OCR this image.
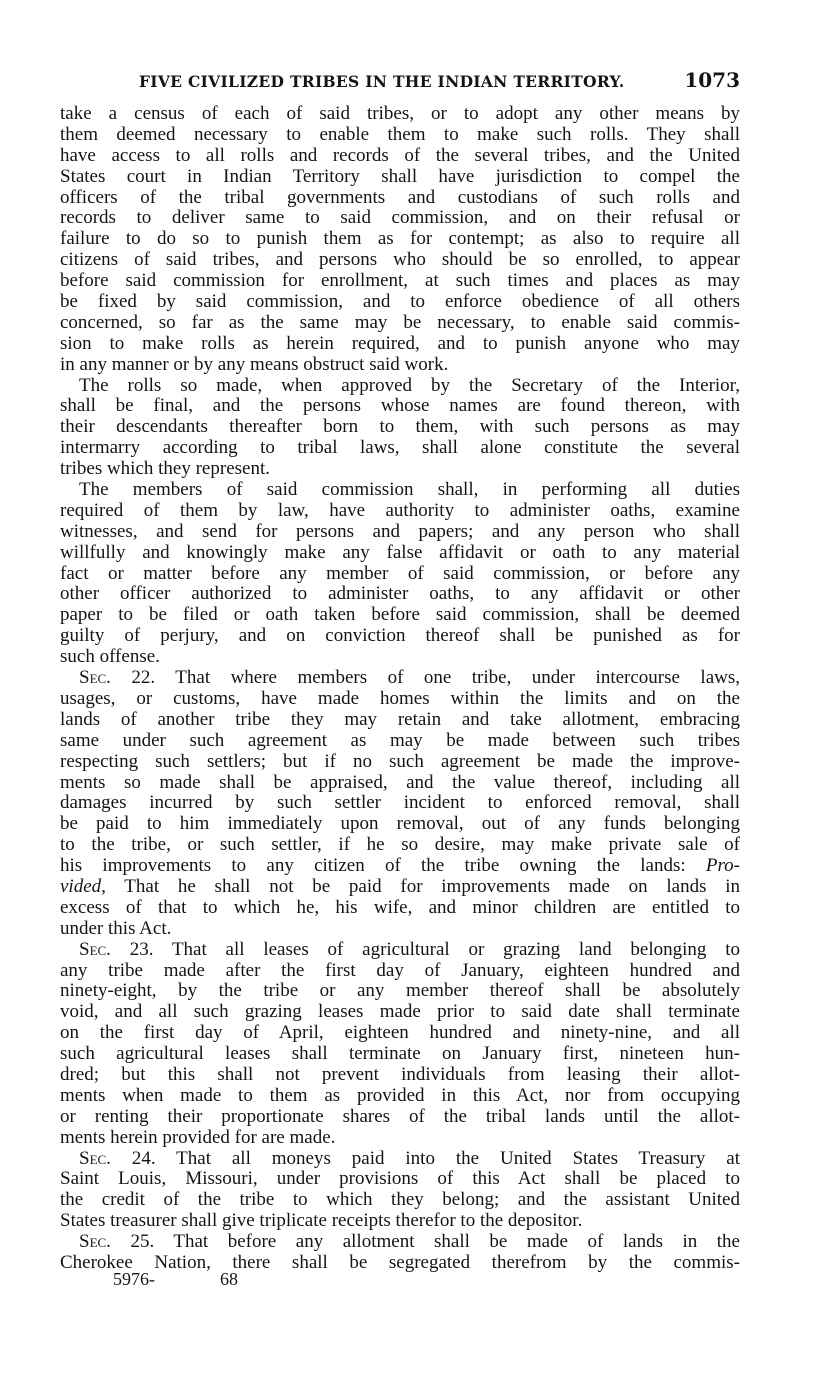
FIVE CIVILIZED TRIBES IN THE INDIAN TERRITORY.	1073
take a census of each of said tribes, or to adopt any other means by
them deemed necessary to enable them to make such rolls. They shall
have access to all rolls and records of the several tribes, and the United
States court in Indian Territory shall have jurisdiction to compel the
officers of the tribal governments and custodians of such rolls and
records to deliver same to said commission, and on their refusal or
failure to do so to punish them as for contempt; as also to require all
citizens of said tribes, and persons who should be so enrolled, to appear
before said commission for enrollment, at such times and places as may
be fixed by said commission, and to enforce obedience of all others
concerned, so far as the same may be necessary, to enable said commis-
sion to make rolls as herein required, and to punish anyone who may
in any manner or by any means obstruct said work.
The rolls so made, when approved by the Secretary of the Interior,
shall be final, and the persons whose names are found thereon, with
their descendants thereafter born to them, with such persons as may
intermarry according to tribal laws, shall alone constitute the several
tribes which they represent.
The members of said commission shall, in performing all duties
required of them by law, have authority to administer oaths, examine
witnesses, and send for persons and papers; and any person who shall
willfully and knowingly make any false affidavit or oath to any material
fact or matter before any member of said commission, or before any
other officer authorized to administer oaths, to any affidavit or other
paper to be filed or oath taken before said commission, shall be deemed
guilty of perjury, and on conviction thereof shall be punished as for
such offense.
Sec. 22. That where members of one tribe, under intercourse laws,
usages, or customs, have made homes within the limits and on the
lands of another tribe they may retain and take allotment, embracing
same under such agreement as may be made between such tribes
respecting such settlers; but if no such agreement be made the improve-
ments so made shall be appraised, and the value thereof, including all
damages incurred by such settler incident to enforced removal, shall
be paid to him immediately upon removal, out of any funds belonging
to the tribe, or such settler, if he so desire, may make private sale of
his improvements to any citizen of the tribe owning the lands: Pro-
vided, That he shall not be paid for improvements made on lands in
excess of that to which he, his wife, and minor children are entitled to
under this Act.
Sec. 23. That all leases of agricultural or grazing land belonging to
any tribe made after the first day of January, eighteen hundred and
ninety-eight, by the tribe or any member thereof shall be absolutely
void, and all such grazing leases made prior to said date shall terminate
on the first day of April, eighteen hundred and ninety-nine, and all
such agricultural leases shall terminate on January first, nineteen hun-
dred; but this shall not prevent individuals from leasing their allot-
ments when made to them as provided in this Act, nor from occupying
or renting their proportionate shares of the tribal lands until the allot-
ments herein provided for are made.
Sec. 24. That all moneys paid into the United States Treasury at
Saint Louis, Missouri, under provisions of this Act shall be placed to
the credit of the tribe to which they belong; and the assistant United
States treasurer shall give triplicate receipts therefor to the depositor.
Sec. 25. That before any allotment shall be made of lands in the
Cherokee Nation, there shall be segregated therefrom by the commis-
5976-	68
